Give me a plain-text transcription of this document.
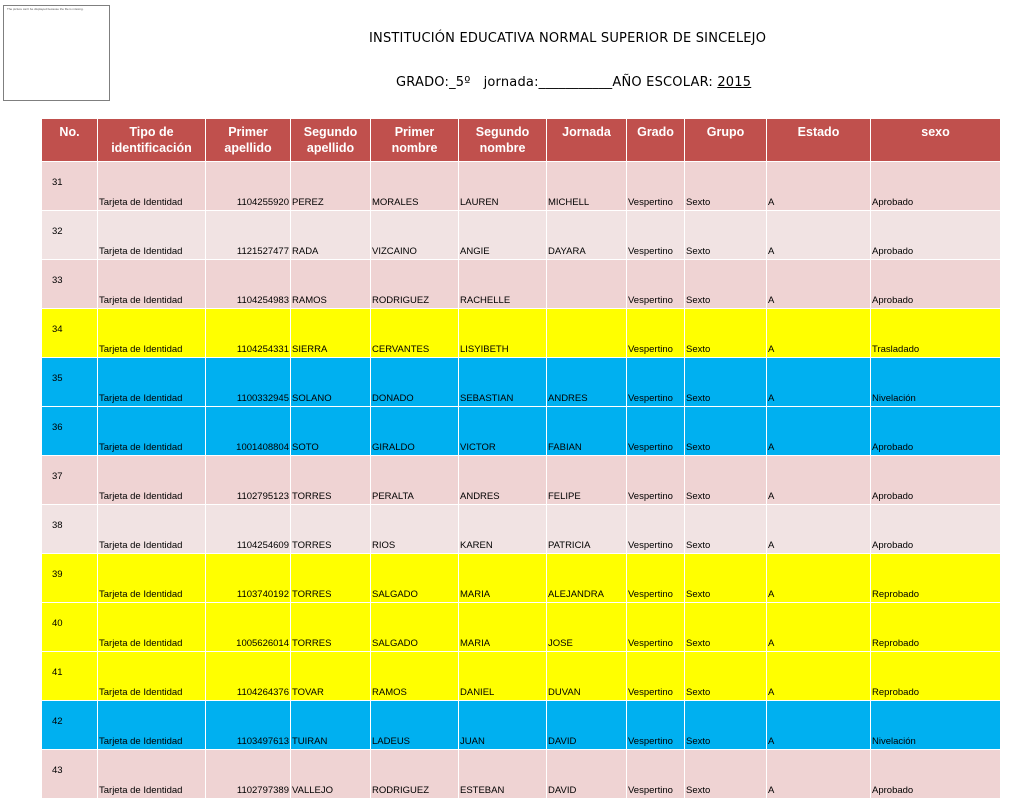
The picture can't be displayed because the file is missing.
INSTITUCIÓN EDUCATIVA NORMAL SUPERIOR DE SINCELEJO
GRADO:_5º jornada:___________AÑO ESCOLAR: 2015
No.	Tipo de identificación	Primer apellido	Segundo apellido	Primer nombre	Segundo nombre	Jornada	Grado	Grupo	Estado	sexo
31	Tarjeta de Identidad	1104255920	PEREZ	MORALES	LAUREN	MICHELL	Vespertino	Sexto	A	Aprobado
32	Tarjeta de Identidad	1121527477	RADA	VIZCAINO	ANGIE	DAYARA	Vespertino	Sexto	A	Aprobado
33	Tarjeta de Identidad	1104254983	RAMOS	RODRIGUEZ	RACHELLE		Vespertino	Sexto	A	Aprobado
34	Tarjeta de Identidad	1104254331	SIERRA	CERVANTES	LISYIBETH		Vespertino	Sexto	A	Trasladado
35	Tarjeta de Identidad	1100332945	SOLANO	DONADO	SEBASTIAN	ANDRES	Vespertino	Sexto	A	Nivelación
36	Tarjeta de Identidad	1001408804	SOTO	GIRALDO	VICTOR	FABIAN	Vespertino	Sexto	A	Aprobado
37	Tarjeta de Identidad	1102795123	TORRES	PERALTA	ANDRES	FELIPE	Vespertino	Sexto	A	Aprobado
38	Tarjeta de Identidad	1104254609	TORRES	RIOS	KAREN	PATRICIA	Vespertino	Sexto	A	Aprobado
39	Tarjeta de Identidad	1103740192	TORRES	SALGADO	MARIA	ALEJANDRA	Vespertino	Sexto	A	Reprobado
40	Tarjeta de Identidad	1005626014	TORRES	SALGADO	MARIA	JOSE	Vespertino	Sexto	A	Reprobado
41	Tarjeta de Identidad	1104264376	TOVAR	RAMOS	DANIEL	DUVAN	Vespertino	Sexto	A	Reprobado
42	Tarjeta de Identidad	1103497613	TUIRAN	LADEUS	JUAN	DAVID	Vespertino	Sexto	A	Nivelación
43	Tarjeta de Identidad	1102797389	VALLEJO	RODRIGUEZ	ESTEBAN	DAVID	Vespertino	Sexto	A	Aprobado
